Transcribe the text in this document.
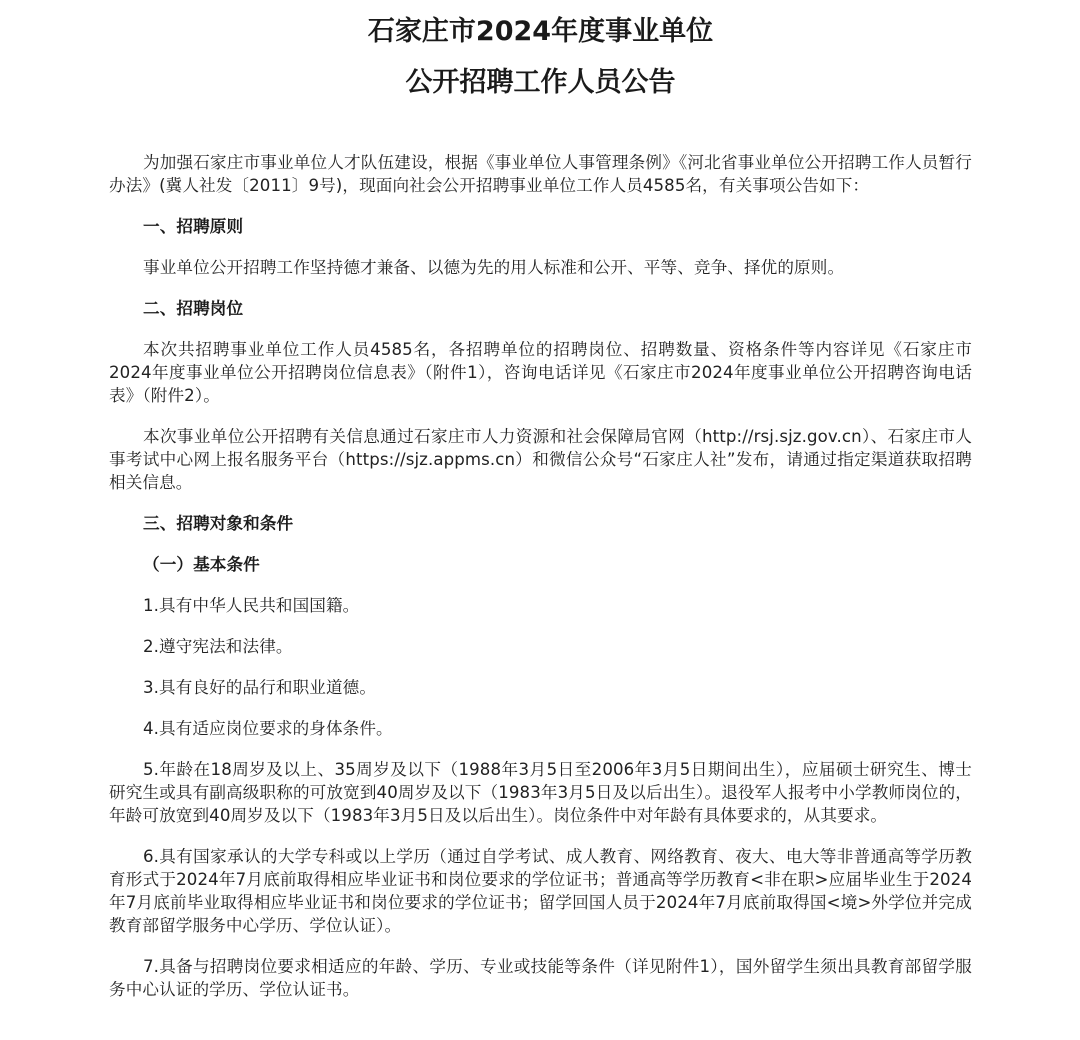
石家庄市2024年度事业单位
公开招聘工作人员公告

为加强石家庄市事业单位人才队伍建设，根据《事业单位人事管理条例》《河北省事业单位公开招聘工作人员暂行办法》(冀人社发〔2011〕9号)，现面向社会公开招聘事业单位工作人员4585名，有关事项公告如下：

一、招聘原则

事业单位公开招聘工作坚持德才兼备、以德为先的用人标准和公开、平等、竞争、择优的原则。

二、招聘岗位

本次共招聘事业单位工作人员4585名，各招聘单位的招聘岗位、招聘数量、资格条件等内容详见《石家庄市2024年度事业单位公开招聘岗位信息表》（附件1），咨询电话详见《石家庄市2024年度事业单位公开招聘咨询电话表》（附件2）。

本次事业单位公开招聘有关信息通过石家庄市人力资源和社会保障局官网（http://rsj.sjz.gov.cn）、石家庄市人事考试中心网上报名服务平台（https://sjz.appms.cn）和微信公众号“石家庄人社”发布，请通过指定渠道获取招聘相关信息。

三、招聘对象和条件

（一）基本条件

1.具有中华人民共和国国籍。

2.遵守宪法和法律。

3.具有良好的品行和职业道德。

4.具有适应岗位要求的身体条件。

5.年龄在18周岁及以上、35周岁及以下（1988年3月5日至2006年3月5日期间出生），应届硕士研究生、博士研究生或具有副高级职称的可放宽到40周岁及以下（1983年3月5日及以后出生）。退役军人报考中小学教师岗位的，年龄可放宽到40周岁及以下（1983年3月5日及以后出生）。岗位条件中对年龄有具体要求的，从其要求。

6.具有国家承认的大学专科或以上学历（通过自学考试、成人教育、网络教育、夜大、电大等非普通高等学历教育形式于2024年7月底前取得相应毕业证书和岗位要求的学位证书；普通高等学历教育<非在职>应届毕业生于2024年7月底前毕业取得相应毕业证书和岗位要求的学位证书；留学回国人员于2024年7月底前取得国<境>外学位并完成教育部留学服务中心学历、学位认证）。

7.具备与招聘岗位要求相适应的年龄、学历、专业或技能等条件（详见附件1），国外留学生须出具教育部留学服务中心认证的学历、学位认证书。
